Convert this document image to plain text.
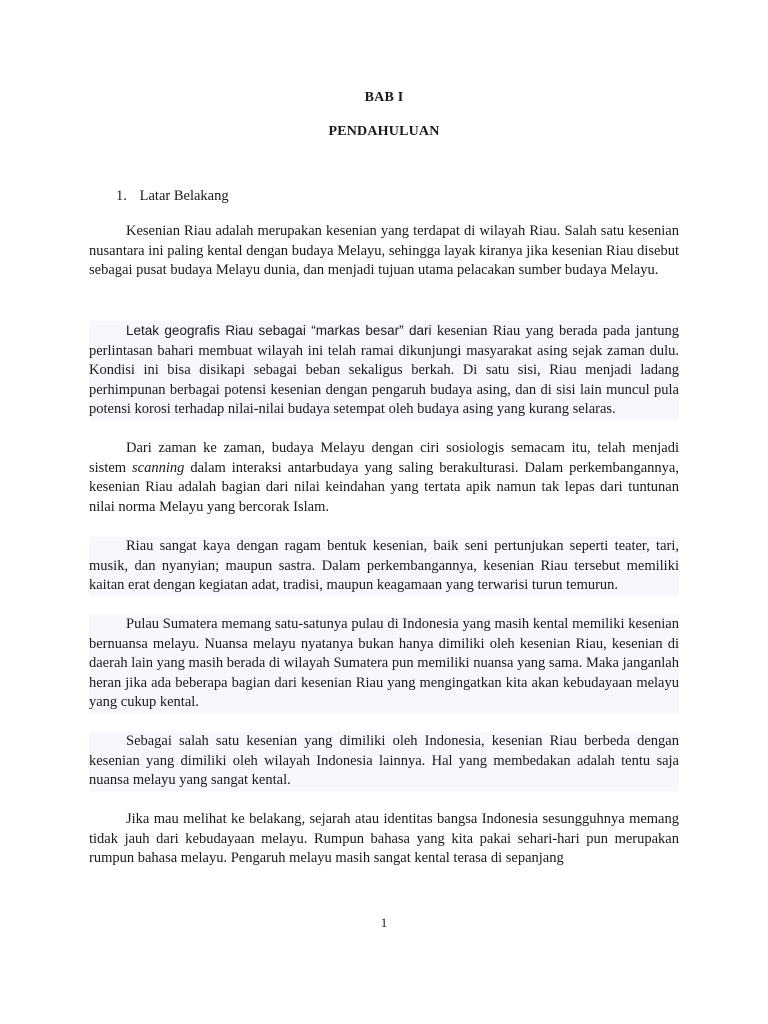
BAB I
PENDAHULUAN
1. Latar Belakang

Kesenian Riau adalah merupakan kesenian yang terdapat di wilayah Riau. Salah satu kesenian nusantara ini paling kental dengan budaya Melayu, sehingga layak kiranya jika kesenian Riau disebut sebagai pusat budaya Melayu dunia, dan menjadi tujuan utama pelacakan sumber budaya Melayu.

Letak geografis Riau sebagai “markas besar” dari kesenian Riau yang berada pada jantung perlintasan bahari membuat wilayah ini telah ramai dikunjungi masyarakat asing sejak zaman dulu. Kondisi ini bisa disikapi sebagai beban sekaligus berkah. Di satu sisi, Riau menjadi ladang perhimpunan berbagai potensi kesenian dengan pengaruh budaya asing, dan di sisi lain muncul pula potensi korosi terhadap nilai-nilai budaya setempat oleh budaya asing yang kurang selaras.

Dari zaman ke zaman, budaya Melayu dengan ciri sosiologis semacam itu, telah menjadi sistem scanning dalam interaksi antarbudaya yang saling berakulturasi. Dalam perkembangannya, kesenian Riau adalah bagian dari nilai keindahan yang tertata apik namun tak lepas dari tuntunan nilai norma Melayu yang bercorak Islam.

Riau sangat kaya dengan ragam bentuk kesenian, baik seni pertunjukan seperti teater, tari, musik, dan nyanyian; maupun sastra. Dalam perkembangannya, kesenian Riau tersebut memiliki kaitan erat dengan kegiatan adat, tradisi, maupun keagamaan yang terwarisi turun temurun.

Pulau Sumatera memang satu-satunya pulau di Indonesia yang masih kental memiliki kesenian bernuansa melayu. Nuansa melayu nyatanya bukan hanya dimiliki oleh kesenian Riau, kesenian di daerah lain yang masih berada di wilayah Sumatera pun memiliki nuansa yang sama. Maka janganlah heran jika ada beberapa bagian dari kesenian Riau yang mengingatkan kita akan kebudayaan melayu yang cukup kental.

Sebagai salah satu kesenian yang dimiliki oleh Indonesia, kesenian Riau berbeda dengan kesenian yang dimiliki oleh wilayah Indonesia lainnya. Hal yang membedakan adalah tentu saja nuansa melayu yang sangat kental.

Jika mau melihat ke belakang, sejarah atau identitas bangsa Indonesia sesungguhnya memang tidak jauh dari kebudayaan melayu. Rumpun bahasa yang kita pakai sehari-hari pun merupakan rumpun bahasa melayu. Pengaruh melayu masih sangat kental terasa di sepanjang

1
